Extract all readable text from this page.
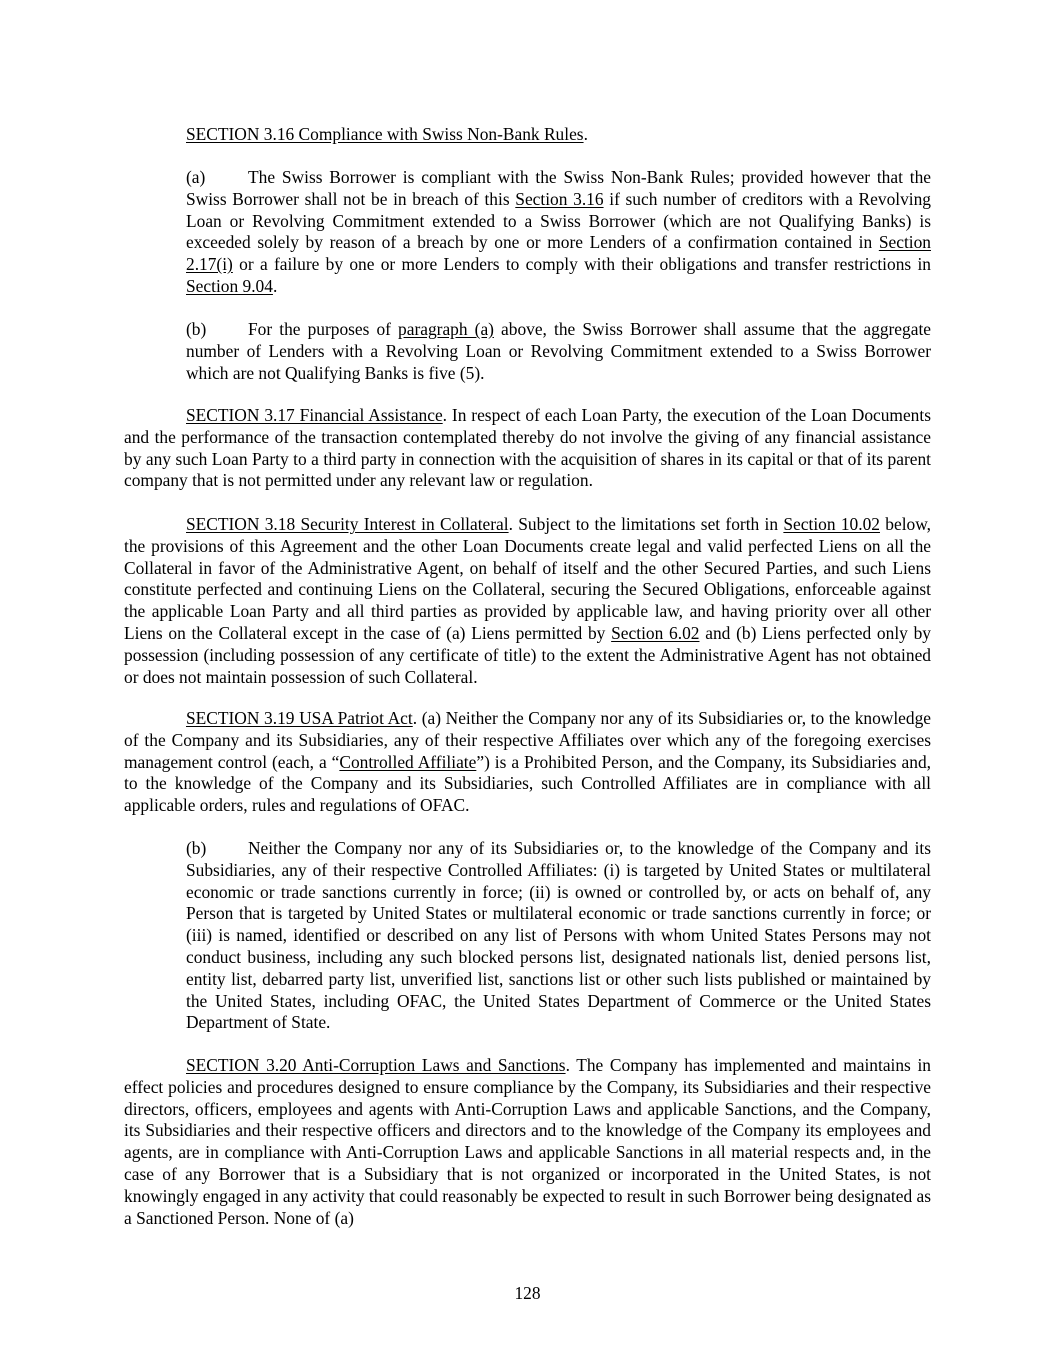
SECTION 3.16 Compliance with Swiss Non-Bank Rules.

(a) The Swiss Borrower is compliant with the Swiss Non-Bank Rules; provided however that the Swiss Borrower shall not be in breach of this Section 3.16 if such number of creditors with a Revolving Loan or Revolving Commitment extended to a Swiss Borrower (which are not Qualifying Banks) is exceeded solely by reason of a breach by one or more Lenders of a confirmation contained in Section 2.17(i) or a failure by one or more Lenders to comply with their obligations and transfer restrictions in Section 9.04.

(b) For the purposes of paragraph (a) above, the Swiss Borrower shall assume that the aggregate number of Lenders with a Revolving Loan or Revolving Commitment extended to a Swiss Borrower which are not Qualifying Banks is five (5).

SECTION 3.17 Financial Assistance. In respect of each Loan Party, the execution of the Loan Documents and the performance of the transaction contemplated thereby do not involve the giving of any financial assistance by any such Loan Party to a third party in connection with the acquisition of shares in its capital or that of its parent company that is not permitted under any relevant law or regulation.

SECTION 3.18 Security Interest in Collateral. Subject to the limitations set forth in Section 10.02 below, the provisions of this Agreement and the other Loan Documents create legal and valid perfected Liens on all the Collateral in favor of the Administrative Agent, on behalf of itself and the other Secured Parties, and such Liens constitute perfected and continuing Liens on the Collateral, securing the Secured Obligations, enforceable against the applicable Loan Party and all third parties as provided by applicable law, and having priority over all other Liens on the Collateral except in the case of (a) Liens permitted by Section 6.02 and (b) Liens perfected only by possession (including possession of any certificate of title) to the extent the Administrative Agent has not obtained or does not maintain possession of such Collateral.

SECTION 3.19 USA Patriot Act. (a) Neither the Company nor any of its Subsidiaries or, to the knowledge of the Company and its Subsidiaries, any of their respective Affiliates over which any of the foregoing exercises management control (each, a “Controlled Affiliate”) is a Prohibited Person, and the Company, its Subsidiaries and, to the knowledge of the Company and its Subsidiaries, such Controlled Affiliates are in compliance with all applicable orders, rules and regulations of OFAC.

(b) Neither the Company nor any of its Subsidiaries or, to the knowledge of the Company and its Subsidiaries, any of their respective Controlled Affiliates: (i) is targeted by United States or multilateral economic or trade sanctions currently in force; (ii) is owned or controlled by, or acts on behalf of, any Person that is targeted by United States or multilateral economic or trade sanctions currently in force; or (iii) is named, identified or described on any list of Persons with whom United States Persons may not conduct business, including any such blocked persons list, designated nationals list, denied persons list, entity list, debarred party list, unverified list, sanctions list or other such lists published or maintained by the United States, including OFAC, the United States Department of Commerce or the United States Department of State.

SECTION 3.20 Anti-Corruption Laws and Sanctions. The Company has implemented and maintains in effect policies and procedures designed to ensure compliance by the Company, its Subsidiaries and their respective directors, officers, employees and agents with Anti-Corruption Laws and applicable Sanctions, and the Company, its Subsidiaries and their respective officers and directors and to the knowledge of the Company its employees and agents, are in compliance with Anti-Corruption Laws and applicable Sanctions in all material respects and, in the case of any Borrower that is a Subsidiary that is not organized or incorporated in the United States, is not knowingly engaged in any activity that could reasonably be expected to result in such Borrower being designated as a Sanctioned Person. None of (a)

128
